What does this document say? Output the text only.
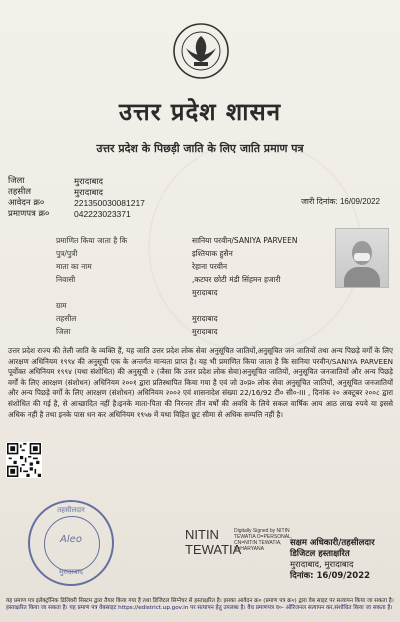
उत्तर प्रदेश शासन
उत्तर प्रदेश के पिछड़ी जाति के लिए जाति प्रमाण पत्र
जिला	मुरादाबाद
तहसील	मुरादाबाद
आवेदन क्र०	221350030081217
प्रमाणपत्र क्र०	042223023371
जारी दिनांक: 16/09/2022
प्रमाणित किया जाता है कि	सानिया परवीन/SANIYA PARVEEN
पुत्र/पुत्री	इश्तियाक हुसैन
माता का नाम	रेहाना परवीन
निवासी	,कटघर छोटी मंडी सिंहमन हजारी
मुरादाबाद
ग्राम
तहसील	मुरादाबाद
जिला	मुरादाबाद
उत्तर प्रदेश राज्य की तेली जाति के व्यक्ति हैं, यह जाति उत्तर प्रदेश लोक सेवा अनुसूचित जातियों,अनुसूचित जन जातियों तथा अन्य पिछड़े वर्गों के लिए आरक्षण अधिनियम १९९४ की अनुसूची एक के अन्तर्गत मान्यता प्राप्त है। यह भी प्रमाणित किया जाता है कि सानिया परवीन/SANIYA PARVEEN पूर्वोक्त अधिनियम १९९४ (यथा संशोधित) की अनुसूची २ (जैसा कि उत्तर प्रदेश लोक सेवा)अनुसूचित जातियों, अनुसूचित जनजातियों और अन्य पिछड़े वर्गों के लिए आरक्षण (संशोधन) अधिनियम २००१ द्वारा प्रतिस्थापित किया गया है एवं जो उ०प्र० लोक सेवा अनुसूचित जातियों, अनुसूचित जनजातियों और अन्य पिछड़े वर्गों के लिए आरक्षण (संशोधन) अधिनियम २००२ एवं शासनादेश संख्या 22/16/92 टी० सी०-III , दिनांक २० अक्टूबर २००८ द्वारा संशोधित की गई है, से आच्छादित नहीं है।इनके माता-पिता की निरन्तर तीन वर्षों की अवधि के लिये सकल वार्षिक आय आठ लाख रुपये या इससे अधिक नहीं है तथा इनके पास धन कर अधिनियम १९५७ में यथा विहित छूट सीमा से अधिक सम्पत्ति नहीं है।
तहसीलदार
Aleo
मुरादाबाद
NITIN TEWATIA
Digitally Signed by NITIN TEWATIA O=PERSONAL, CN=NITIN TEWATIA, S=HARYANA
सक्षम अधिकारी/तहसीलदार
डिजिटल हस्ताक्षरित
मुरादाबाद, मुरादाबाद
दिनांक: 16/09/2022
यह प्रमाण पत्र इलेक्ट्रॉनिक डिलिवरी सिस्टम द्वारा तैयार किया गया है तथा डिजिटल सिग्नेचर से हस्ताक्षरित है। इसका आवेदन क्र० (प्रमाण पत्र क्र०) द्वारा वेब साइट पर सत्यापन किया जा सकता है।
हस्ताक्षरित किया जा सकता है। यह प्रमाण पत्र वेबसाइट https://edistrict.up.gov.in पर सत्यापन हेतु उपलब्ध है। वैध प्रमाणपत्र व०- ओरिजनल सत्यापन कर,संशोधित किया जा सकता है।
